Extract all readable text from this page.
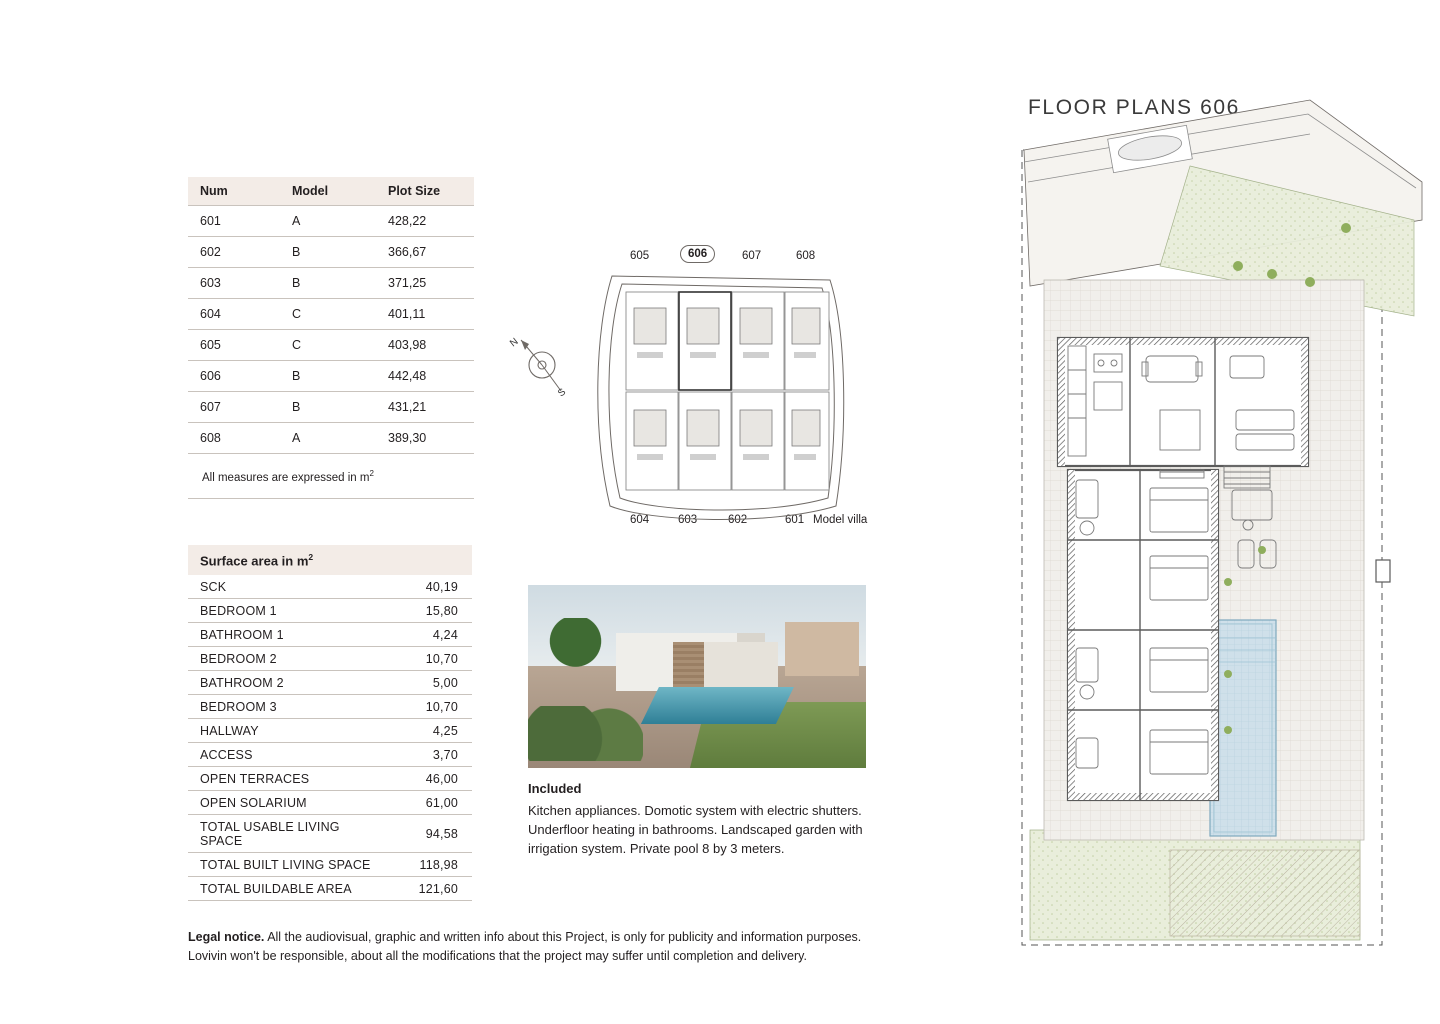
FLOOR PLANS 606
Num	Model	Plot Size
601	A	428,22
602	B	366,67
603	B	371,25
604	C	401,11
605	C	403,98
606	B	442,48
607	B	431,21
608	A	389,30
All measures are expressed in $m^2$
Surface area in $m^2$
SCK	40,19
BEDROOM 1	15,80
BATHROOM 1	4,24
BEDROOM 2	10,70
BATHROOM 2	5,00
BEDROOM 3	10,70
HALLWAY	4,25
ACCESS	3,70
OPEN TERRACES	46,00
OPEN SOLARIUM	61,00
TOTAL USABLE LIVING SPACE	94,58
TOTAL BUILT LIVING SPACE	118,98
TOTAL BUILDABLE AREA	121,60
N
S
605	606	607	608
604	603	602	601 Model villa
Included
Kitchen appliances. Domotic system with electric shutters. Underfloor heating in bathrooms. Landscaped garden with irrigation system. Private pool 8 by 3 meters.
Legal notice. All the audiovisual, graphic and written info about this Project, is only for publicity and information purposes.
Lovivin won't be responsible, about all the modifications that the project may suffer until completion and delivery.
